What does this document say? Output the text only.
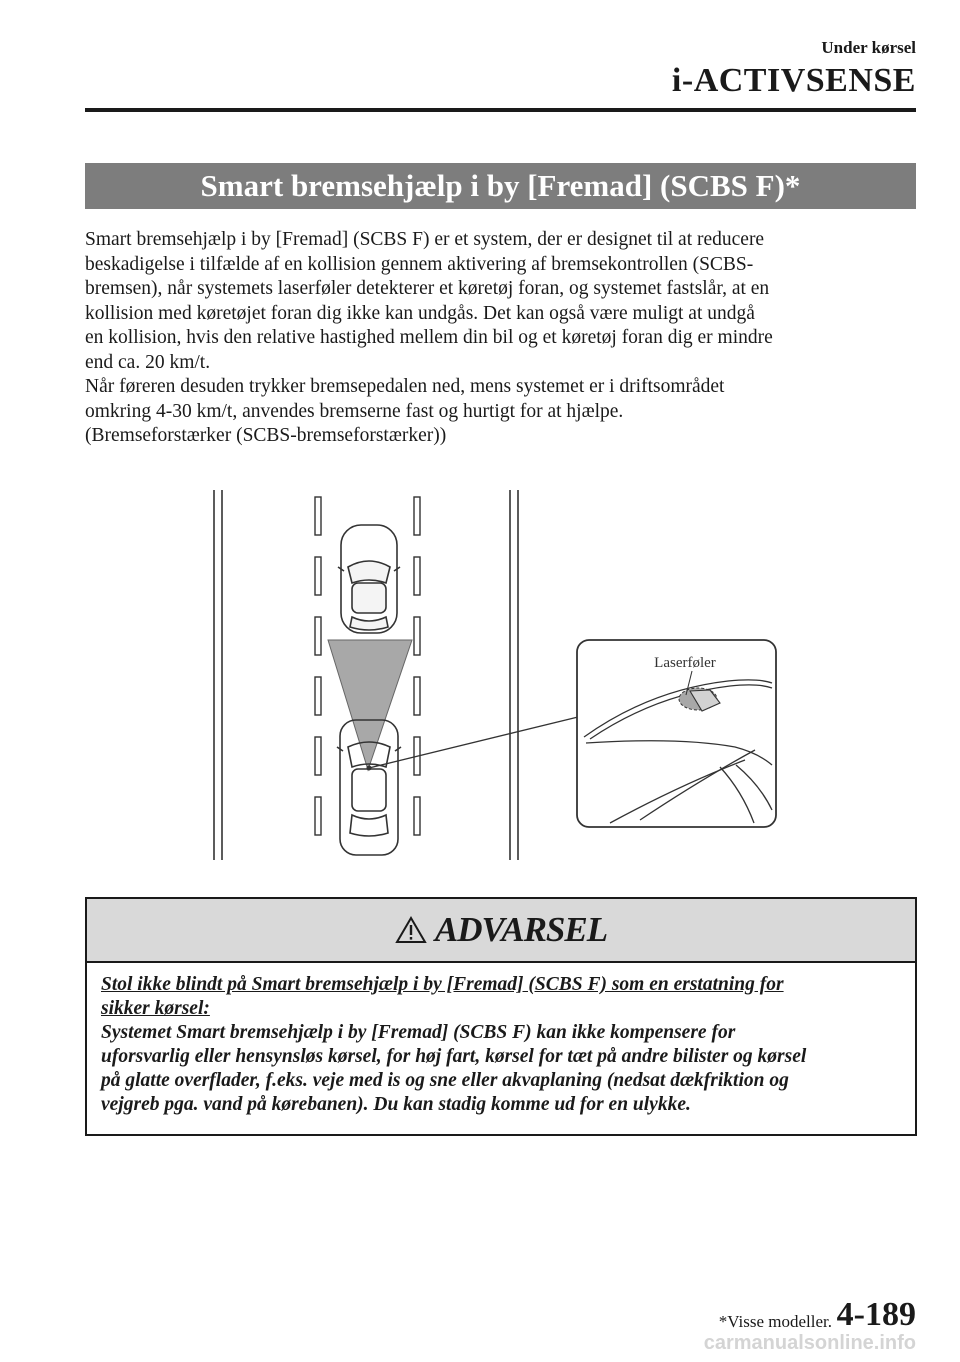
Under kørsel
i-ACTIVSENSE
Smart bremsehjælp i by [Fremad] (SCBS F)*

Smart bremsehjælp i by [Fremad] (SCBS F) er et system, der er designet til at reducere

beskadigelse i tilfælde af en kollision gennem aktivering af bremsekontrollen (SCBS-

bremsen), når systemets laserføler detekterer et køretøj foran, og systemet fastslår, at en

kollision med køretøjet foran dig ikke kan undgås. Det kan også være muligt at undgå

en kollision, hvis den relative hastighed mellem din bil og et køretøj foran dig er mindre

end ca. 20 km/t.

Når føreren desuden trykker bremsepedalen ned, mens systemet er i driftsområdet

omkring 4-30 km/t, anvendes bremserne fast og hurtigt for at hjælpe.

(Bremseforstærker (SCBS-bremseforstærker))

Laserføler
ADVARSEL

Stol ikke blindt på Smart bremsehjælp i by [Fremad] (SCBS F) som en erstatning for

sikker kørsel:

Systemet Smart bremsehjælp i by [Fremad] (SCBS F) kan ikke kompensere for

uforsvarlig eller hensynsløs kørsel, for høj fart, kørsel for tæt på andre bilister og kørsel

på glatte overflader, f.eks. veje med is og sne eller akvaplaning (nedsat dækfriktion og

vejgreb pga. vand på kørebanen). Du kan stadig komme ud for en ulykke.

*Visse modeller. 4-189
carmanualsonline.info
